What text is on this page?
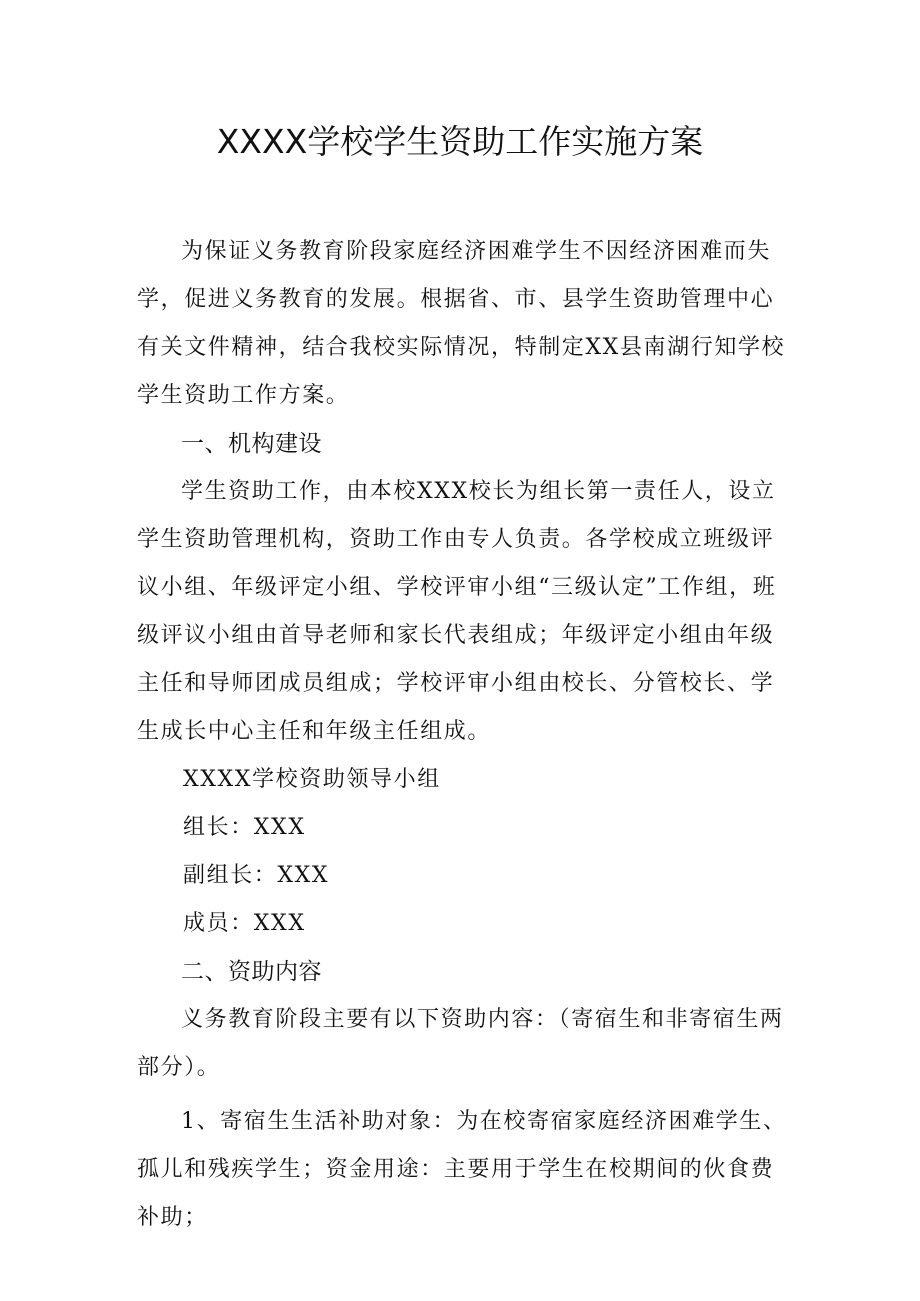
XXXX学校学生资助工作实施方案

为保证义务教育阶段家庭经济困难学生不因经济困难而失学，促进义务教育的发展。根据省、市、县学生资助管理中心有关文件精神，结合我校实际情况，特制定XX县南湖行知学校学生资助工作方案。

一、机构建设

学生资助工作，由本校XXX校长为组长第一责任人，设立学生资助管理机构，资助工作由专人负责。各学校成立班级评议小组、年级评定小组、学校评审小组“三级认定”工作组，班级评议小组由首导老师和家长代表组成；年级评定小组由年级主任和导师团成员组成；学校评审小组由校长、分管校长、学生成长中心主任和年级主任组成。

XXXX学校资助领导小组

组长：XXX

副组长：XXX

成员：XXX

二、资助内容

义务教育阶段主要有以下资助内容：（寄宿生和非寄宿生两部分）。

1、寄宿生生活补助对象：为在校寄宿家庭经济困难学生、孤儿和残疾学生；资金用途：主要用于学生在校期间的伙食费补助；
